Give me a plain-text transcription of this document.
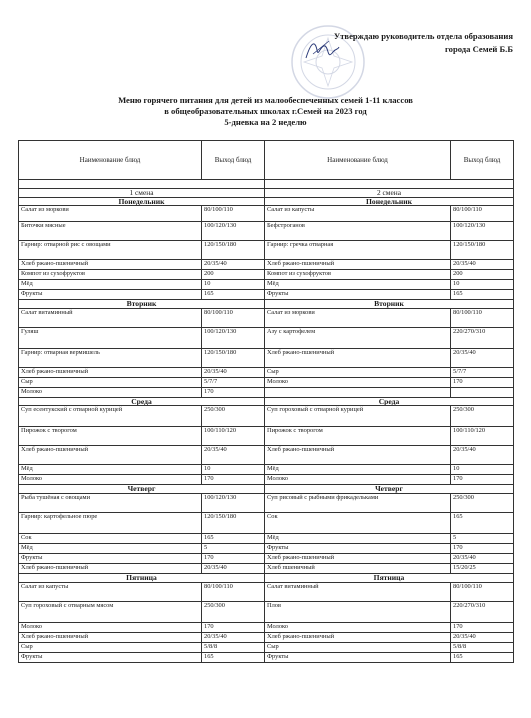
Утверждаю руководитель отдела образования
города Семей Б.Б
Меню горячего питания для детей из малообеспеченных семей 1-11 классов
в общеобразовательных школах г.Семей на 2023 год
5-дневка на 2 неделю
Наименование блюд	Выход блюд	Наименование блюд	Выход блюд

1 смена		2 смена	
Понедельник		Понедельник	
Салат из моркови	80/100/110	Салат из капусты	80/100/110
Биточки мясные	100/120/130	Бефстроганов	100/120/130
Гарнир: отварной рис с овощами	120/150/180	Гарнир: гречка отварная	120/150/180
Хлеб ржано-пшеничный	20/35/40	Хлеб ржано-пшеничный	20/35/40
Компот из сухофруктов	200	Компот из сухофруктов	200
Мёд	10	Мёд	10
Фрукты	165	Фрукты	165
Вторник		Вторник	
Салат витаминный	80/100/110	Салат из моркови	80/100/110
Гуляш	100/120/130	Азу с картофелем	220/270/310
Гарнир: отварная вермишель	120/150/180	Хлеб ржано-пшеничный	20/35/40
Хлеб ржано-пшеничный	20/35/40	Сыр	5/7/7
Сыр	5/7/7	Молоко	170
Молоко	170		
Среда		Среда	
Суп есентукский с отварной курицей	250/300	Суп гороховый с отварной курицей	250/300
Пирожок с творогом	100/110/120	Пирожок с творогом	100/110/120
Хлеб ржано-пшеничный	20/35/40	Хлеб ржано-пшеничный	20/35/40
Мёд	10	Мёд	10
Молоко	170	Молоко	170
Четверг		Четверг	
Рыба тушёная с овощами	100/120/130	Суп рисовый с рыбными фрикадельками	250/300
Гарнир: картофельное пюре	120/150/180	Сок	165
Сок	165	Мёд	5
Мёд	5	Фрукты	170
Фрукты	170	Хлеб ржано-пшеничный	20/35/40
Хлеб ржано-пшеничный	20/35/40	Хлеб пшеничный	15/20/25
Пятница		Пятница	
Салат из капусты	80/100/110	Салат витаминный	80/100/110
Суп гороховый с отварным мясом	250/300	Плов	220/270/310
Молоко	170	Молоко	170
Хлеб ржано-пшеничный	20/35/40	Хлеб ржано-пшеничный	20/35/40
Сыр	5/8/8	Сыр	5/8/8
Фрукты	165	Фрукты	165
